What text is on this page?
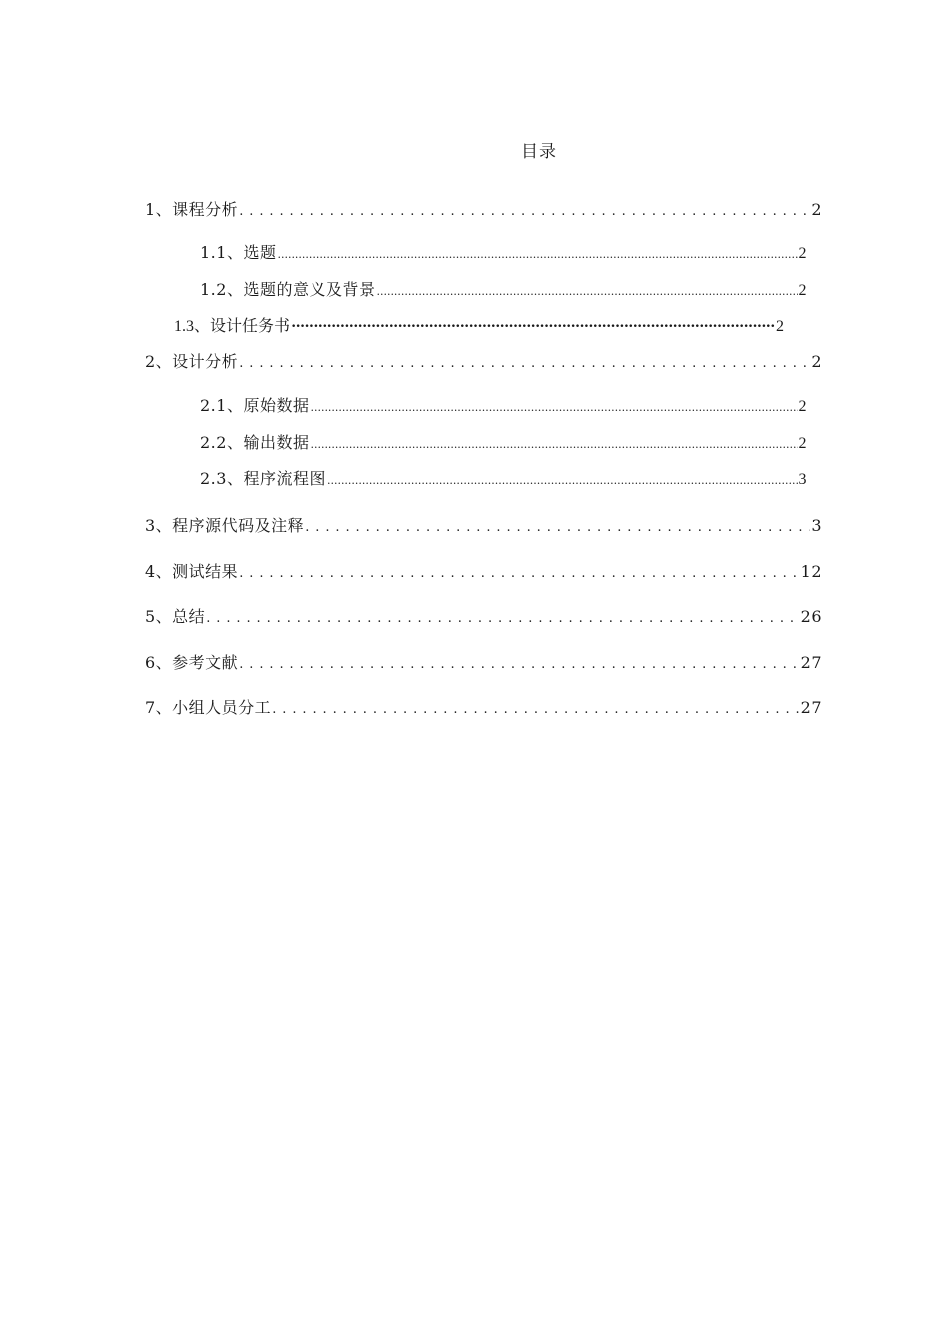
目录
1、课程分析 . . .	2
1.1、选题 .....	2
1.2、选题的意义及背景 .....	2
1.3、设计任务书 ·····	2
2、设计分析 . . .	2
2.1、原始数据 .....	2
2.2、输出数据 .....	2
2.3、程序流程图 .....	3
3、程序源代码及注释 . . .	3
4、测试结果 . . .	12
5、总结 . . .	26
6、参考文献 . . .	27
7、小组人员分工 . . .	27
